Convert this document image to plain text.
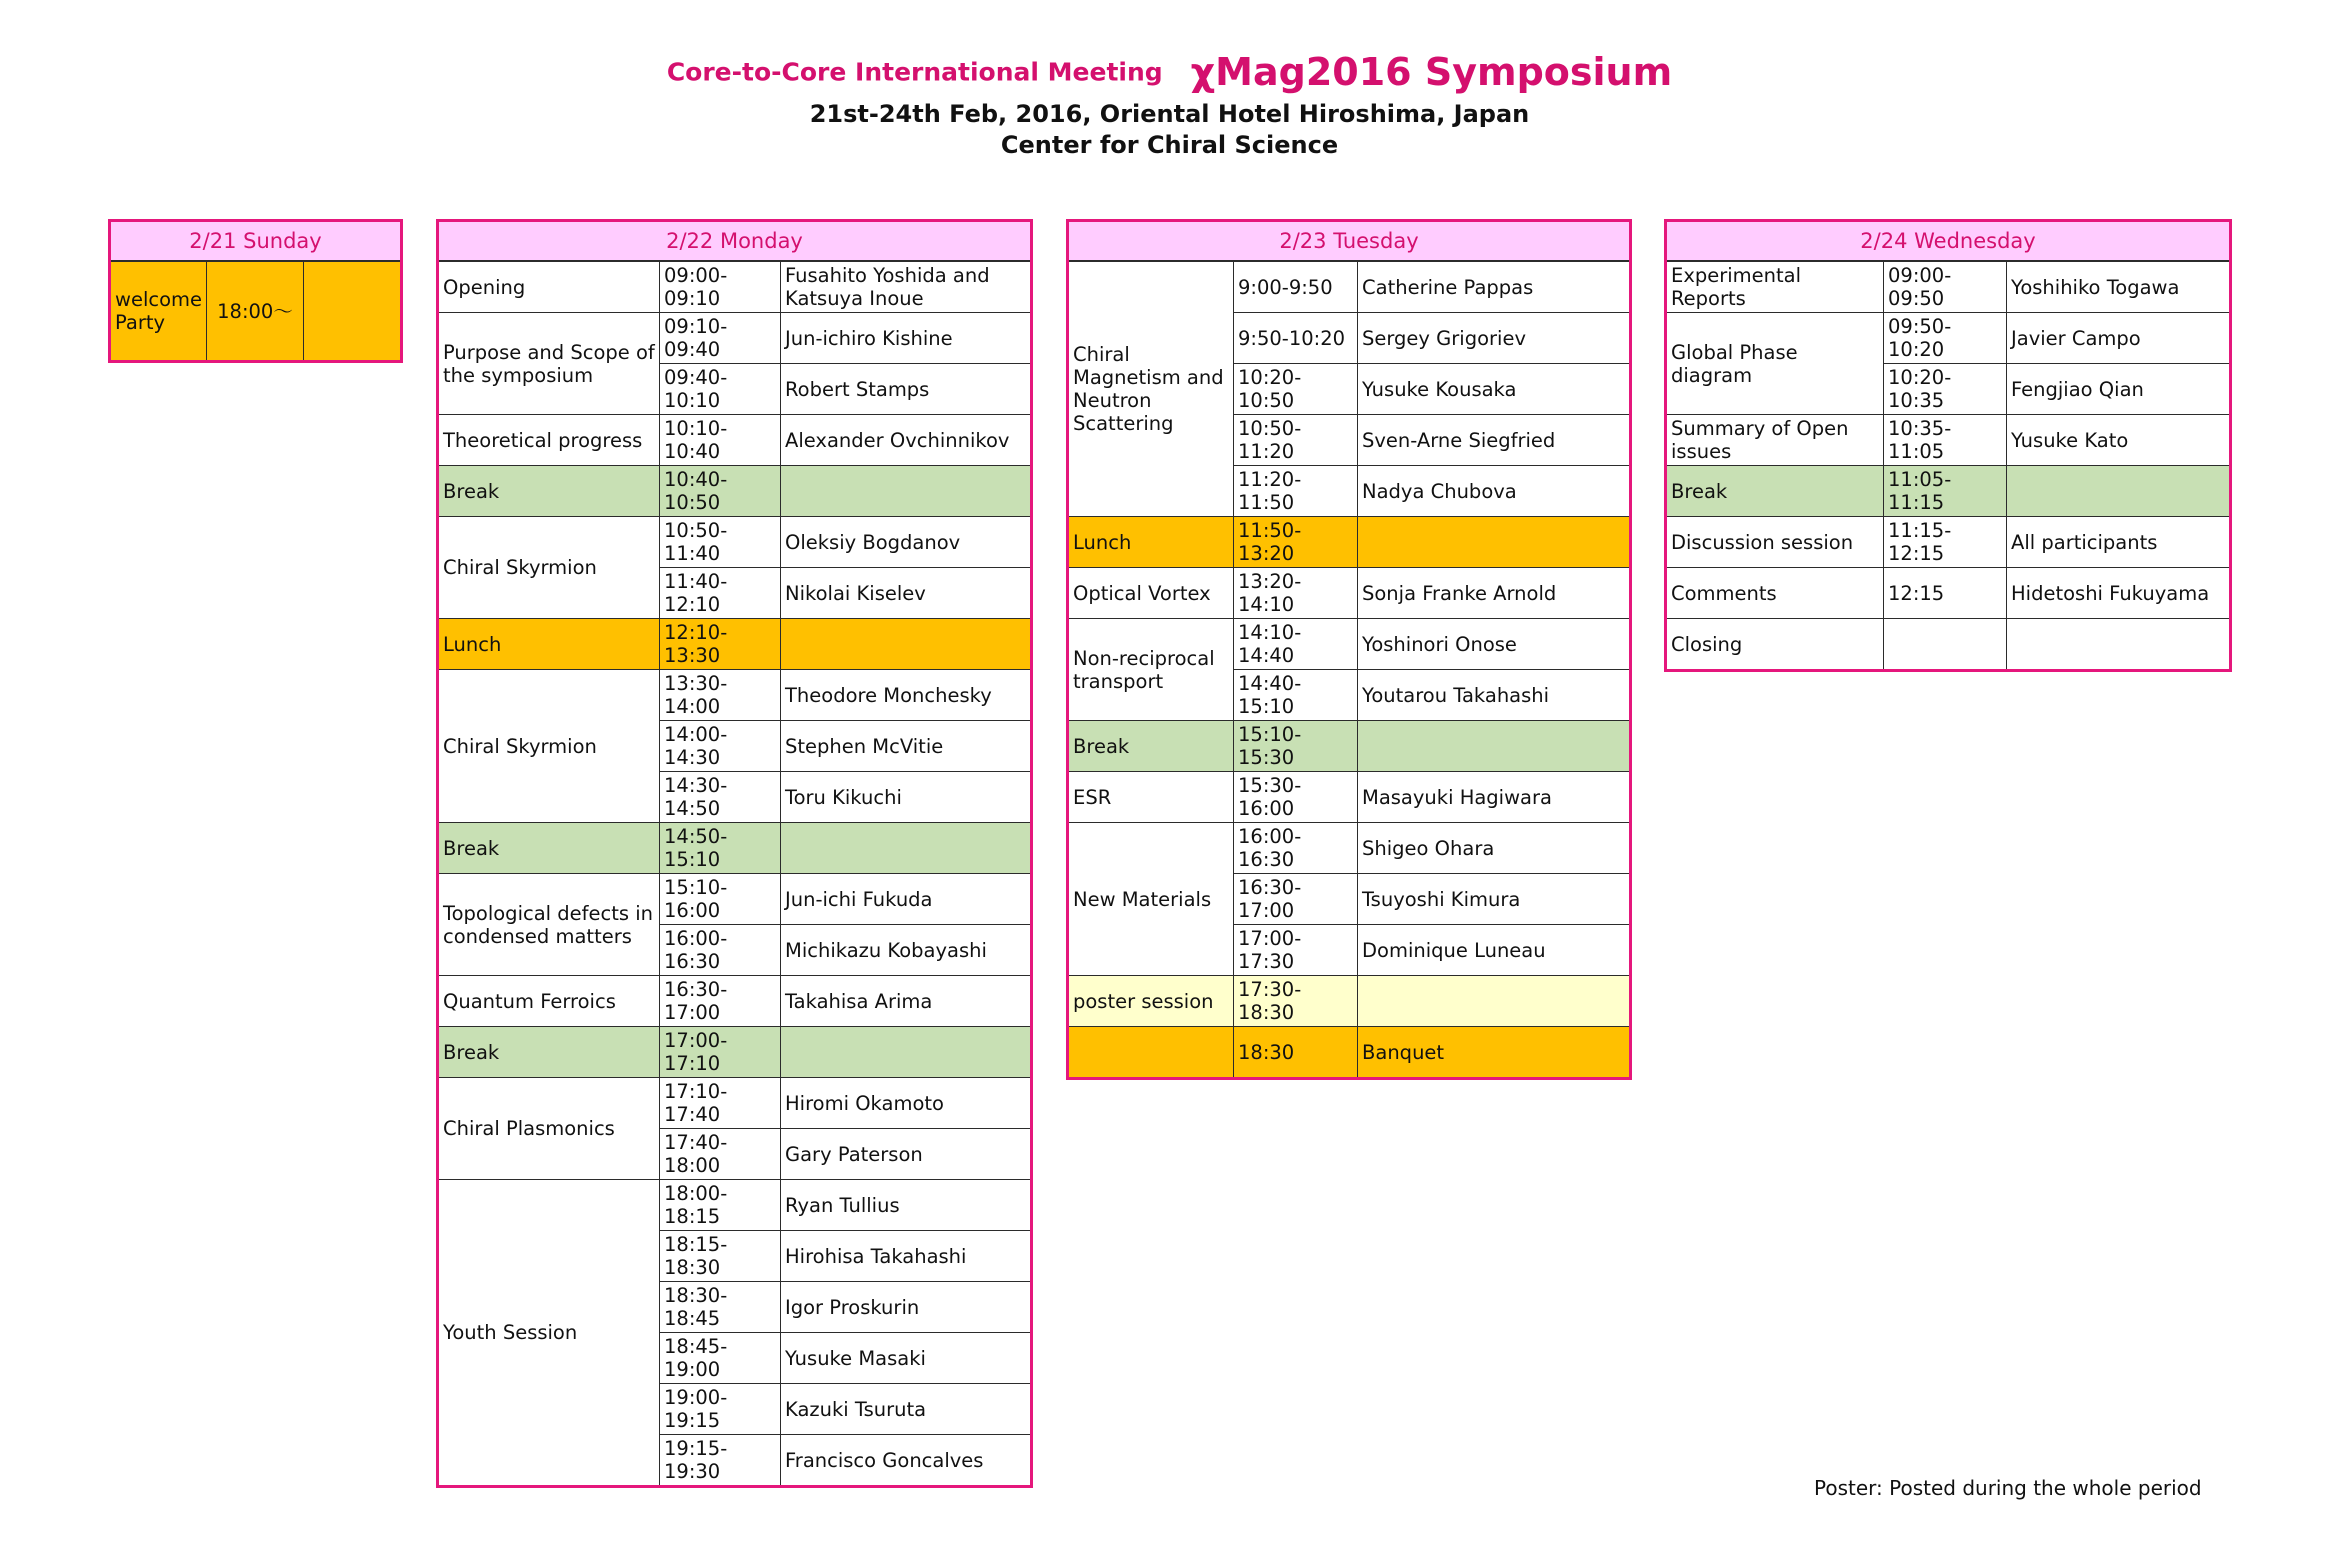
Core-to-Core International Meeting χMag2016 Symposium
21st-24th Feb, 2016, Oriental Hotel Hiroshima, Japan
Center for Chiral Science
2/21 Sunday
welcome Party	18:00～	
2/22 Monday		
Opening	09:00-09:10	Fusahito Yoshida and Katsuya Inoue
Purpose and Scope of the symposium	09:10-09:40	Jun-ichiro Kishine
	09:40-10:10	Robert Stamps
Theoretical progress	10:10-10:40	Alexander Ovchinnikov
Break	10:40-10:50	
Chiral Skyrmion	10:50-11:40	Oleksiy Bogdanov
	11:40-12:10	Nikolai Kiselev
Lunch	12:10-13:30	
Chiral Skyrmion	13:30-14:00	Theodore Monchesky
	14:00-14:30	Stephen McVitie
	14:30-14:50	Toru Kikuchi
Break	14:50-15:10	
Topological defects in condensed matters	15:10-16:00	Jun-ichi Fukuda
	16:00-16:30	Michikazu Kobayashi
Quantum Ferroics	16:30-17:00	Takahisa Arima
Break	17:00-17:10	
Chiral Plasmonics	17:10-17:40	Hiromi Okamoto
	17:40-18:00	Gary Paterson
Youth Session	18:00-18:15	Ryan Tullius
	18:15-18:30	Hirohisa Takahashi
	18:30-18:45	Igor Proskurin
	18:45-19:00	Yusuke Masaki
	19:00-19:15	Kazuki Tsuruta
	19:15-19:30	Francisco Goncalves
2/23 Tuesday		
Chiral Magnetism and Neutron Scattering	9:00-9:50	Catherine Pappas
	9:50-10:20	Sergey Grigoriev
	10:20-10:50	Yusuke Kousaka
	10:50-11:20	Sven-Arne Siegfried
	11:20-11:50	Nadya Chubova
Lunch	11:50-13:20	
Optical Vortex	13:20-14:10	Sonja Franke Arnold
Non-reciprocal transport	14:10-14:40	Yoshinori Onose
	14:40-15:10	Youtarou Takahashi
Break	15:10-15:30	
ESR	15:30-16:00	Masayuki Hagiwara
New Materials	16:00-16:30	Shigeo Ohara
	16:30-17:00	Tsuyoshi Kimura
	17:00-17:30	Dominique Luneau
poster session	17:30-18:30	
	18:30	Banquet
2/24 Wednesday		
Experimental Reports	09:00-09:50	Yoshihiko Togawa
Global Phase diagram	09:50-10:20	Javier Campo
	10:20-10:35	Fengjiao Qian
Summary of Open issues	10:35-11:05	Yusuke Kato
Break	11:05-11:15	
Discussion session	11:15-12:15	All participants
Comments	12:15	Hidetoshi Fukuyama
Closing		
Poster: Posted during the whole period
